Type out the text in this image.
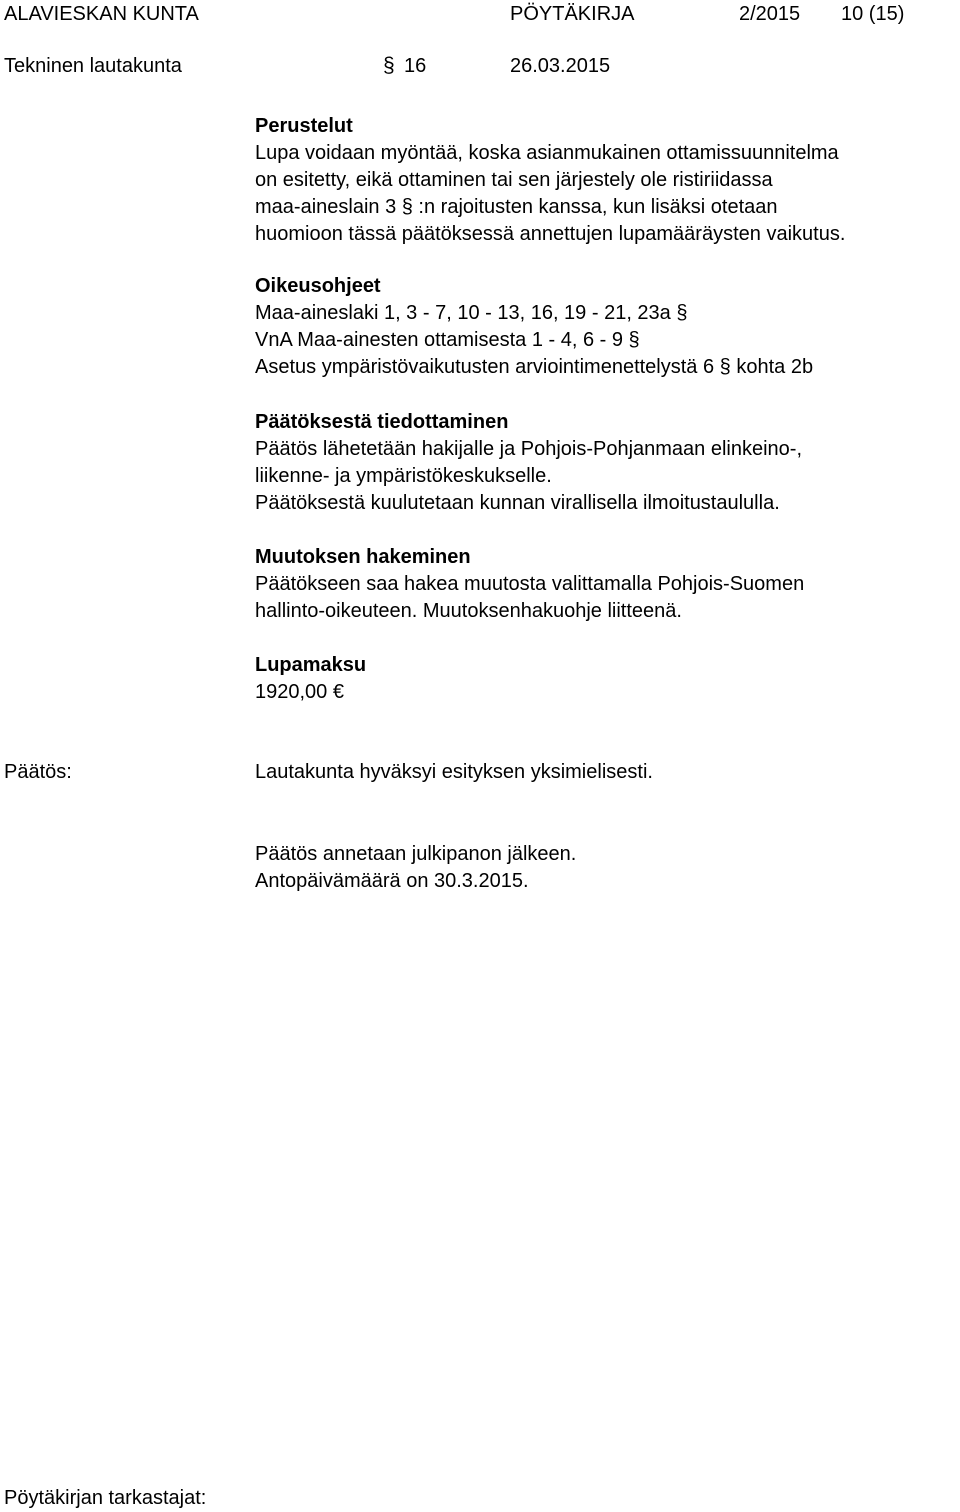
ALAVIESKAN KUNTA	PÖYTÄKIRJA	2/2015 10 (15)
Tekninen lautakunta	§ 16	26.03.2015

Perustelut

Lupa voidaan myöntää, koska asianmukainen ottamissuunnitelma

on esitetty, eikä ottaminen tai sen järjestely ole ristiriidassa

maa-aineslain 3 § :n rajoitusten kanssa, kun lisäksi otetaan

huomioon tässä päätöksessä annettujen lupamääräysten vaikutus.

Oikeusohjeet

Maa-aineslaki 1, 3 - 7, 10 - 13, 16, 19 - 21, 23a §

VnA Maa-ainesten ottamisesta 1 - 4, 6 - 9 §

Asetus ympäristövaikutusten arviointimenettelystä 6 § kohta 2b

Päätöksestä tiedottaminen

Päätös lähetetään hakijalle ja Pohjois-Pohjanmaan elinkeino-,

liikenne- ja ympäristökeskukselle.

Päätöksestä kuulutetaan kunnan virallisella ilmoitustaululla.

Muutoksen hakeminen

Päätökseen saa hakea muutosta valittamalla Pohjois-Suomen

hallinto-oikeuteen. Muutoksenhakuohje liitteenä.

Lupamaksu

1920,00 €

Päätös:	Lautakunta hyväksyi esityksen yksimielisesti.

Päätös annetaan julkipanon jälkeen.

Antopäivämäärä on 30.3.2015.

Pöytäkirjan tarkastajat:
